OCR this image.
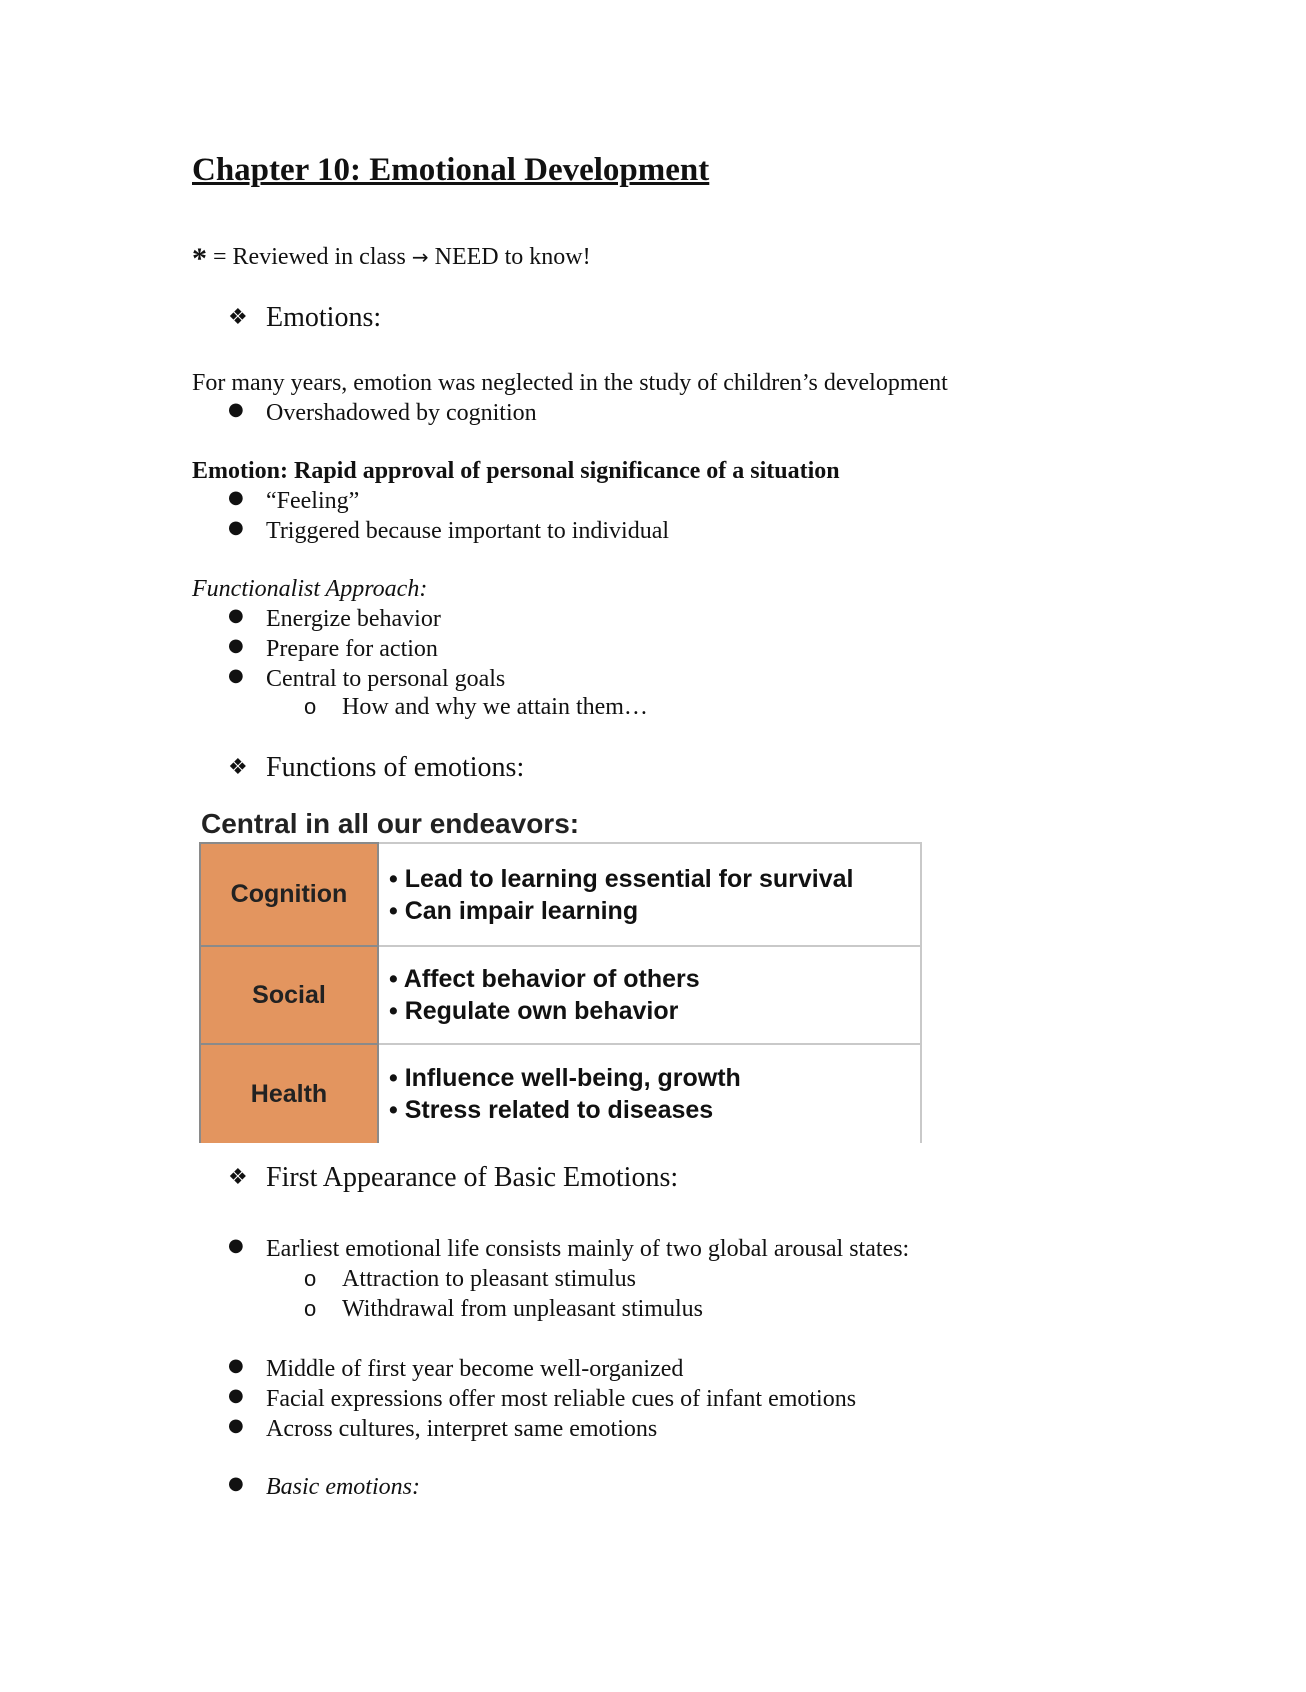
Chapter 10: Emotional Development
* = Reviewed in class → NEED to know!
❖ Emotions:
For many years, emotion was neglected in the study of children’s development
● Overshadowed by cognition
Emotion: Rapid approval of personal significance of a situation
● “Feeling”
● Triggered because important to individual
Functionalist Approach:
● Energize behavior
● Prepare for action
● Central to personal goals
o How and why we attain them…
❖ Functions of emotions:
Central in all our endeavors:
Cognition	• Lead to learning essential for survival
• Can impair learning

Social	• Affect behavior of others
• Regulate own behavior

Health	• Influence well-being, growth
• Stress related to diseases
❖ First Appearance of Basic Emotions:
● Earliest emotional life consists mainly of two global arousal states:
o Attraction to pleasant stimulus
o Withdrawal from unpleasant stimulus
● Middle of first year become well-organized
● Facial expressions offer most reliable cues of infant emotions
● Across cultures, interpret same emotions
● Basic emotions:
